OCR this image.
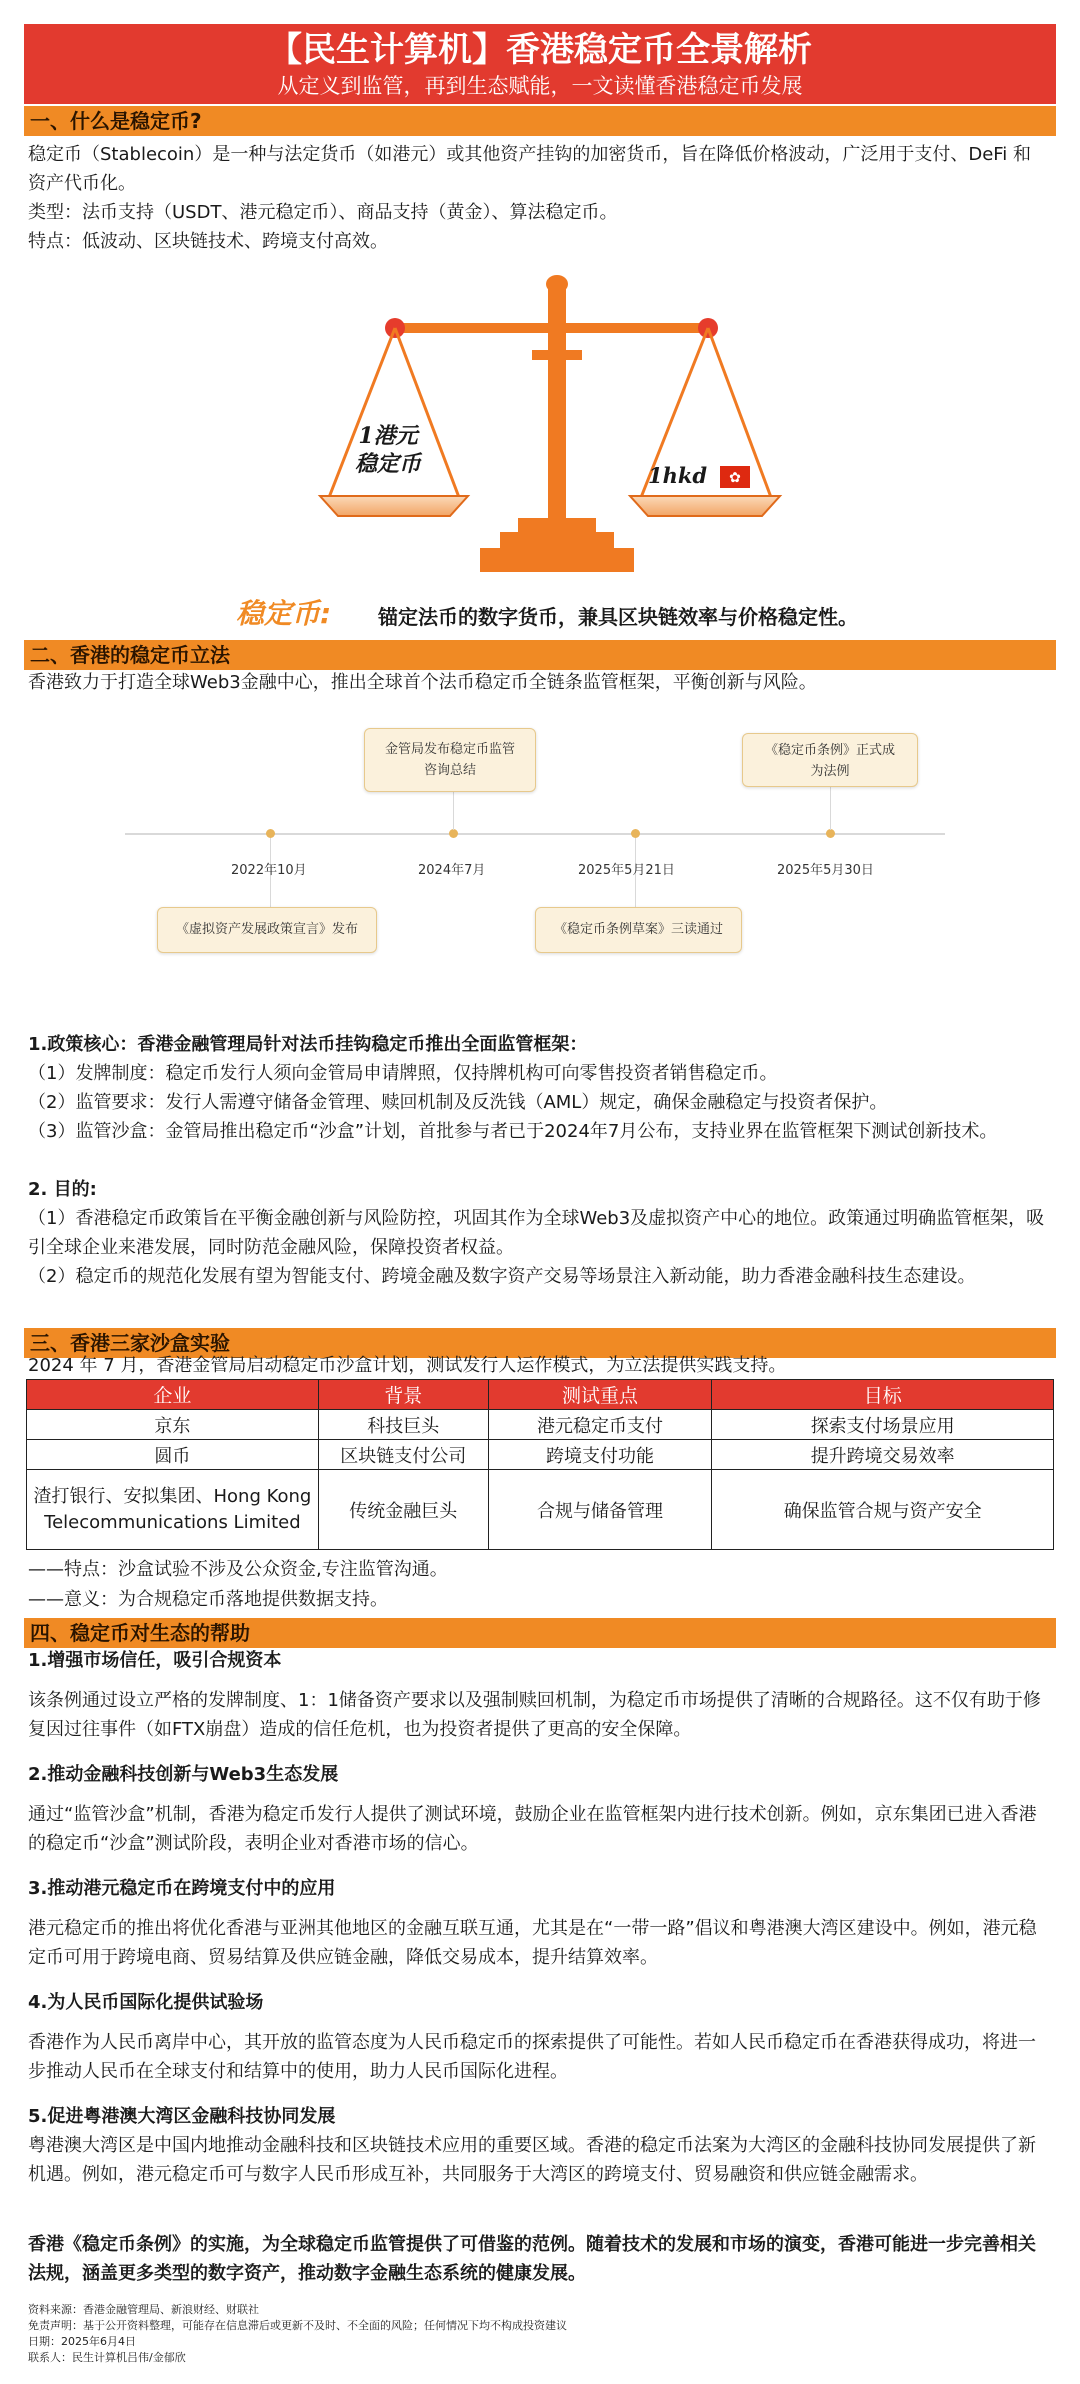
【民生计算机】香港稳定币全景解析
从定义到监管，再到生态赋能，一文读懂香港稳定币发展
一、什么是稳定币?
稳定币（Stablecoin）是一种与法定货币（如港元）或其他资产挂钩的加密货币，旨在降低价格波动，广泛用于支付、DeFi 和资产代币化。
类型：法币支持（USDT、港元稳定币）、商品支持（黄金）、算法稳定币。
特点：低波动、区块链技术、跨境支付高效。
✿
1港元
稳定币	1hkd
稳定币: 锚定法币的数字货币，兼具区块链效率与价格稳定性。
二、香港的稳定币立法
香港致力于打造全球Web3金融中心，推出全球首个法币稳定币全链条监管框架，平衡创新与风险。
2022年10月	2024年7月	2025年5月21日	2025年5月30日
《虚拟资产发展政策宣言》发布
金管局发布稳定币监管咨询总结
《稳定币条例草案》三读通过
《稳定币条例》正式成为法例
1.政策核心：香港金融管理局针对法币挂钩稳定币推出全面监管框架：
（1）发牌制度：稳定币发行人须向金管局申请牌照，仅持牌机构可向零售投资者销售稳定币。
（2）监管要求：发行人需遵守储备金管理、赎回机制及反洗钱（AML）规定，确保金融稳定与投资者保护。
（3）监管沙盒：金管局推出稳定币“沙盒”计划，首批参与者已于2024年7月公布，支持业界在监管框架下测试创新技术。
2. 目的:
（1）香港稳定币政策旨在平衡金融创新与风险防控，巩固其作为全球Web3及虚拟资产中心的地位。政策通过明确监管框架，吸引全球企业来港发展，同时防范金融风险，保障投资者权益。
（2）稳定币的规范化发展有望为智能支付、跨境金融及数字资产交易等场景注入新动能，助力香港金融科技生态建设。
三、香港三家沙盒实验
2024 年 7 月，香港金管局启动稳定币沙盒计划，测试发行人运作模式，为立法提供实践支持。
企业	背景	测试重点	目标
京东	科技巨头	港元稳定币支付	探索支付场景应用
圆币	区块链支付公司	跨境支付功能	提升跨境交易效率
渣打银行、安拟集团、Hong Kong Telecommunications Limited	传统金融巨头	合规与储备管理	确保监管合规与资产安全
——特点：沙盒试验不涉及公众资金,专注监管沟通。
——意义：为合规稳定币落地提供数据支持。
四、稳定币对生态的帮助
1.增强市场信任，吸引合规资本
该条例通过设立严格的发牌制度、1：1储备资产要求以及强制赎回机制，为稳定币市场提供了清晰的合规路径。这不仅有助于修复因过往事件（如FTX崩盘）造成的信任危机，也为投资者提供了更高的安全保障。
2.推动金融科技创新与Web3生态发展
通过“监管沙盒”机制，香港为稳定币发行人提供了测试环境，鼓励企业在监管框架内进行技术创新。例如，京东集团已进入香港的稳定币“沙盒”测试阶段，表明企业对香港市场的信心。
3.推动港元稳定币在跨境支付中的应用
港元稳定币的推出将优化香港与亚洲其他地区的金融互联互通，尤其是在“一带一路”倡议和粤港澳大湾区建设中。例如，港元稳定币可用于跨境电商、贸易结算及供应链金融，降低交易成本，提升结算效率。
4.为人民币国际化提供试验场
香港作为人民币离岸中心，其开放的监管态度为人民币稳定币的探索提供了可能性。若如人民币稳定币在香港获得成功，将进一步推动人民币在全球支付和结算中的使用，助力人民币国际化进程。
5.促进粤港澳大湾区金融科技协同发展
粤港澳大湾区是中国内地推动金融科技和区块链技术应用的重要区域。香港的稳定币法案为大湾区的金融科技协同发展提供了新机遇。例如，港元稳定币可与数字人民币形成互补，共同服务于大湾区的跨境支付、贸易融资和供应链金融需求。
香港《稳定币条例》的实施，为全球稳定币监管提供了可借鉴的范例。随着技术的发展和市场的演变，香港可能进一步完善相关法规，涵盖更多类型的数字资产，推动数字金融生态系统的健康发展。
资料来源：香港金融管理局、新浪财经、财联社
免责声明：基于公开资料整理，可能存在信息滞后或更新不及时、不全面的风险；任何情况下均不构成投资建议
日期：2025年6月4日
联系人：民生计算机吕伟/金郁欣
